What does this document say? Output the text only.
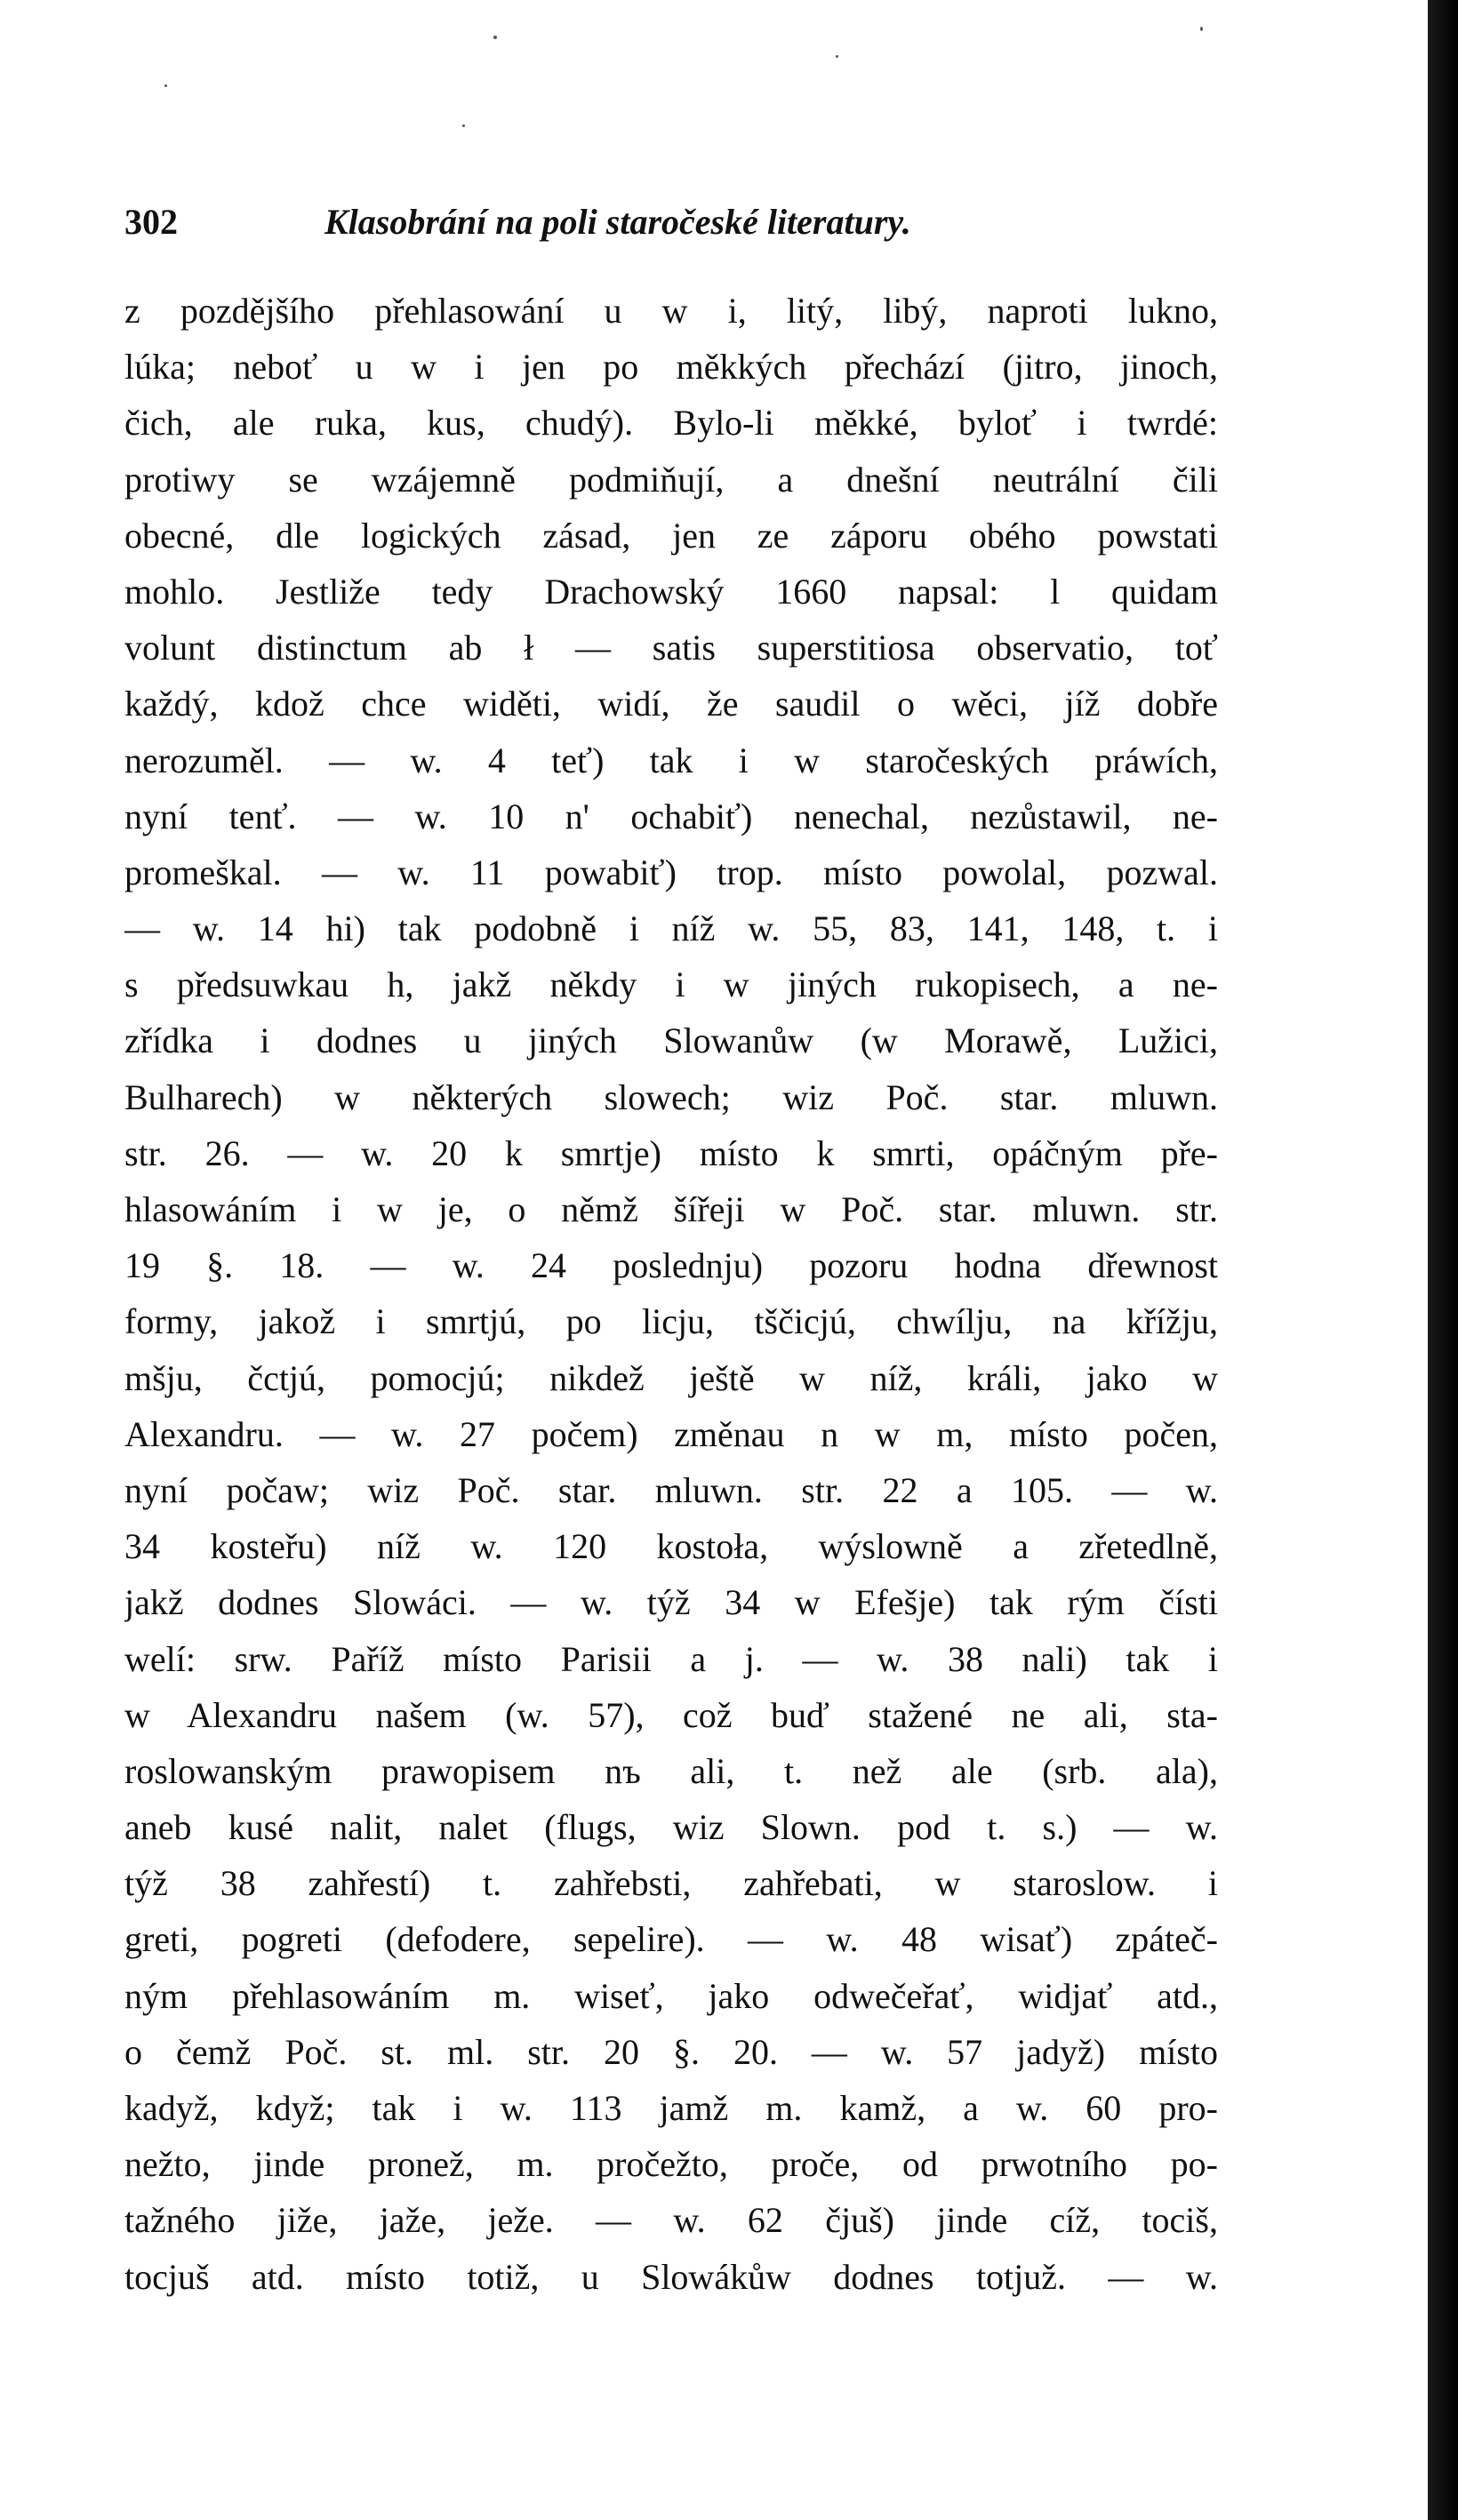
302	Klasobrání na poli staročeské literatury.
z pozdějšího přehlasowání u w i, litý, libý, naproti lukno,
lúka; neboť u w i jen po měkkých přechází (jitro, jinoch,
čich, ale ruka, kus, chudý). Bylo-li měkké, byloť i twrdé:
protiwy se wzájemně podmiňují, a dnešní neutrální čili
obecné, dle logických zásad, jen ze záporu obého powstati
mohlo. Jestliže tedy Drachowský 1660 napsal: l quidam
volunt distinctum ab ł — satis superstitiosa observatio, toť
každý, kdož chce widěti, widí, že saudil o wěci, jíž dobře
nerozuměl. — w. 4 teť) tak i w staročeských práwích,
nyní tenť. — w. 10 n' ochabiť) nenechal, nezůstawil, ne-
promeškal. — w. 11 powabiť) trop. místo powolal, pozwal.
— w. 14 hi) tak podobně i níž w. 55, 83, 141, 148, t. i
s předsuwkau h, jakž někdy i w jiných rukopisech, a ne-
zřídka i dodnes u jiných Slowanůw (w Morawě, Lužici,
Bulharech) w některých slowech; wiz Poč. star. mluwn.
str. 26. — w. 20 k smrtje) místo k smrti, opáčným pře-
hlasowáním i w je, o němž šířeji w Poč. star. mluwn. str.
19 §. 18. — w. 24 poslednju) pozoru hodna dřewnost
formy, jakož i smrtjú, po licju, tščicjú, chwílju, na křížju,
mšju, čctjú, pomocjú; nikdež ještě w níž, králi, jako w
Alexandru. — w. 27 počem) změnau n w m, místo počen,
nyní počaw; wiz Poč. star. mluwn. str. 22 a 105. — w.
34 kosteřu) níž w. 120 kostoła, wýslowně a zřetedlně,
jakž dodnes Slowáci. — w. týž 34 w Efešje) tak rým čísti
welí: srw. Paříž místo Parisii a j. — w. 38 nali) tak i
w Alexandru našem (w. 57), což buď stažené ne ali, sta-
roslowanským prawopisem nъ ali, t. než ale (srb. ala),
aneb kusé nalit, nalet (flugs, wiz Slown. pod t. s.) — w.
týž 38 zahřestí) t. zahřebsti, zahřebati, w staroslow. i
greti, pogreti (defodere, sepelire). — w. 48 wisať) zpáteč-
ným přehlasowáním m. wiseť, jako odwečeřať, widjať atd.,
o čemž Poč. st. ml. str. 20 §. 20. — w. 57 jadyž) místo
kadyž, když; tak i w. 113 jamž m. kamž, a w. 60 pro-
nežto, jinde pronež, m. pročežto, proče, od prwotního po-
tažného jiže, jaže, ježe. — w. 62 čjuš) jinde cíž, tociš,
tocjuš atd. místo totiž, u Slowákůw dodnes totjuž. — w.
